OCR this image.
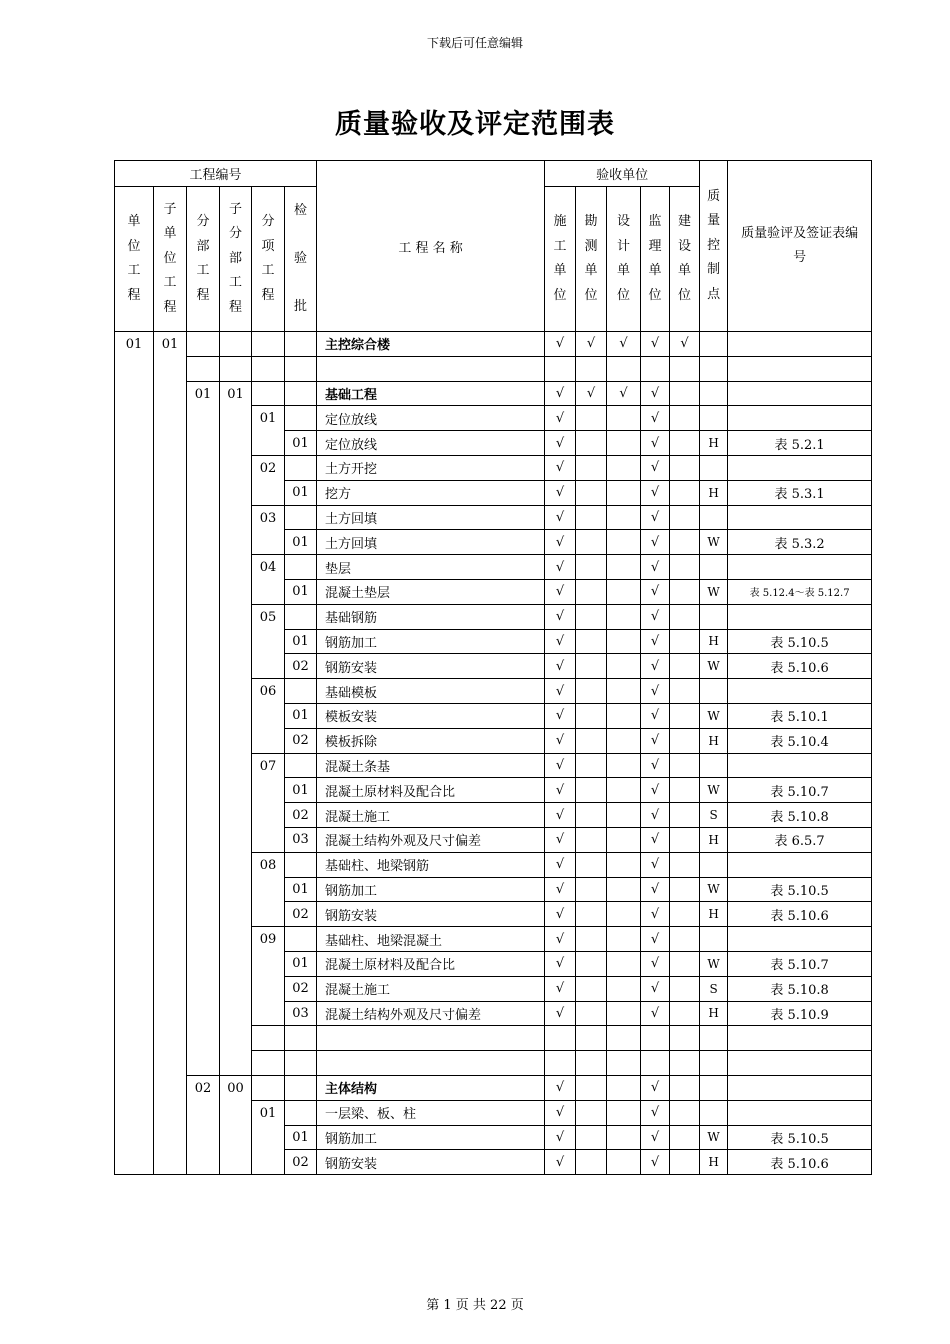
下载后可任意编辑
质量验收及评定范围表
工程编号						工 程 名 称	验收单位					质量控制点	质量验评及签证表编号

单位工程	子单位工程	分部工程	子分部工程	分项工程	检验批		施工单位	勘测单位	设计单位	监理单位	建设单位		

01	01					主控综合楼	√	√	√	√	√		

		01	01			基础工程	√	√	√	√			
				01		定位放线	√			√			
					01	定位放线	√			√		H	表 5.2.1
				02		土方开挖	√			√			
					01	挖方	√			√		H	表 5.3.1
				03		土方回填	√			√			
					01	土方回填	√			√		W	表 5.3.2
				04		垫层	√			√			
					01	混凝土垫层	√			√		W	表 5.12.4～表 5.12.7
				05		基础钢筋	√			√			
					01	钢筋加工	√			√		H	表 5.10.5
					02	钢筋安装	√			√		W	表 5.10.6
				06		基础模板	√			√			
					01	模板安装	√			√		W	表 5.10.1
					02	模板拆除	√			√		H	表 5.10.4
				07		混凝土条基	√			√			
					01	混凝土原材料及配合比	√			√		W	表 5.10.7
					02	混凝土施工	√			√		S	表 5.10.8
					03	混凝土结构外观及尺寸偏差	√			√		H	表 6.5.7
				08		基础柱、地梁钢筋	√			√			
					01	钢筋加工	√			√		W	表 5.10.5
					02	钢筋安装	√			√		H	表 5.10.6
				09		基础柱、地梁混凝土	√			√			
					01	混凝土原材料及配合比	√			√		W	表 5.10.7
					02	混凝土施工	√			√		S	表 5.10.8
					03	混凝土结构外观及尺寸偏差	√			√		H	表 5.10.9

		02	00			主体结构	√			√			
				01		一层梁、板、柱	√			√			
					01	钢筋加工	√			√		W	表 5.10.5
					02	钢筋安装	√			√		H	表 5.10.6
第 1 页 共 22 页
